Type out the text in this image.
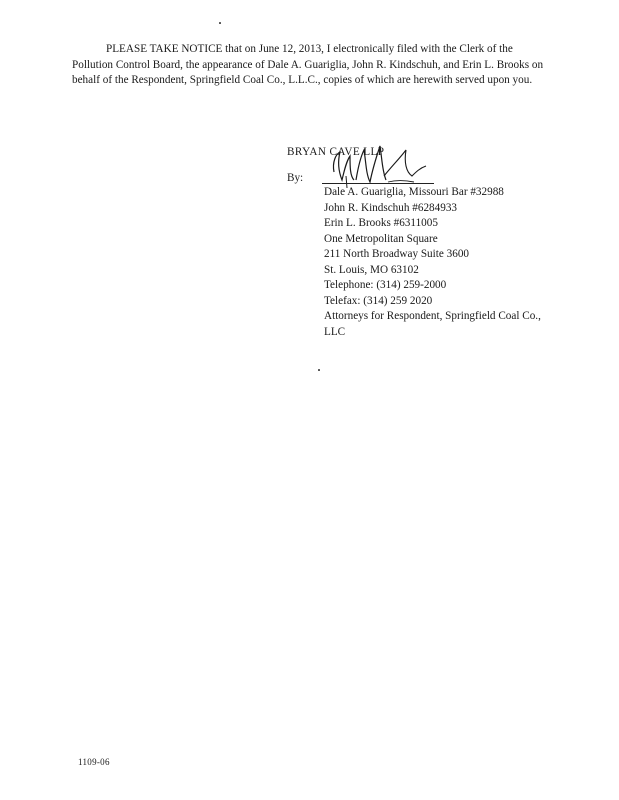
PLEASE TAKE NOTICE that on June 12, 2013, I electronically filed with the Clerk of the Pollution Control Board, the appearance of Dale A. Guariglia, John R. Kindschuh, and Erin L. Brooks on behalf of the Respondent, Springfield Coal Co., L.L.C., copies of which are herewith served upon you.

BRYAN CAVE LLP
By:
Dale A. Guariglia, Missouri Bar #32988
John R. Kindschuh #6284933
Erin L. Brooks #6311005
One Metropolitan Square
211 North Broadway Suite 3600
St. Louis, MO 63102
Telephone: (314) 259-2000
Telefax: (314) 259 2020
Attorneys for Respondent, Springfield Coal Co., LLC
1109-06
